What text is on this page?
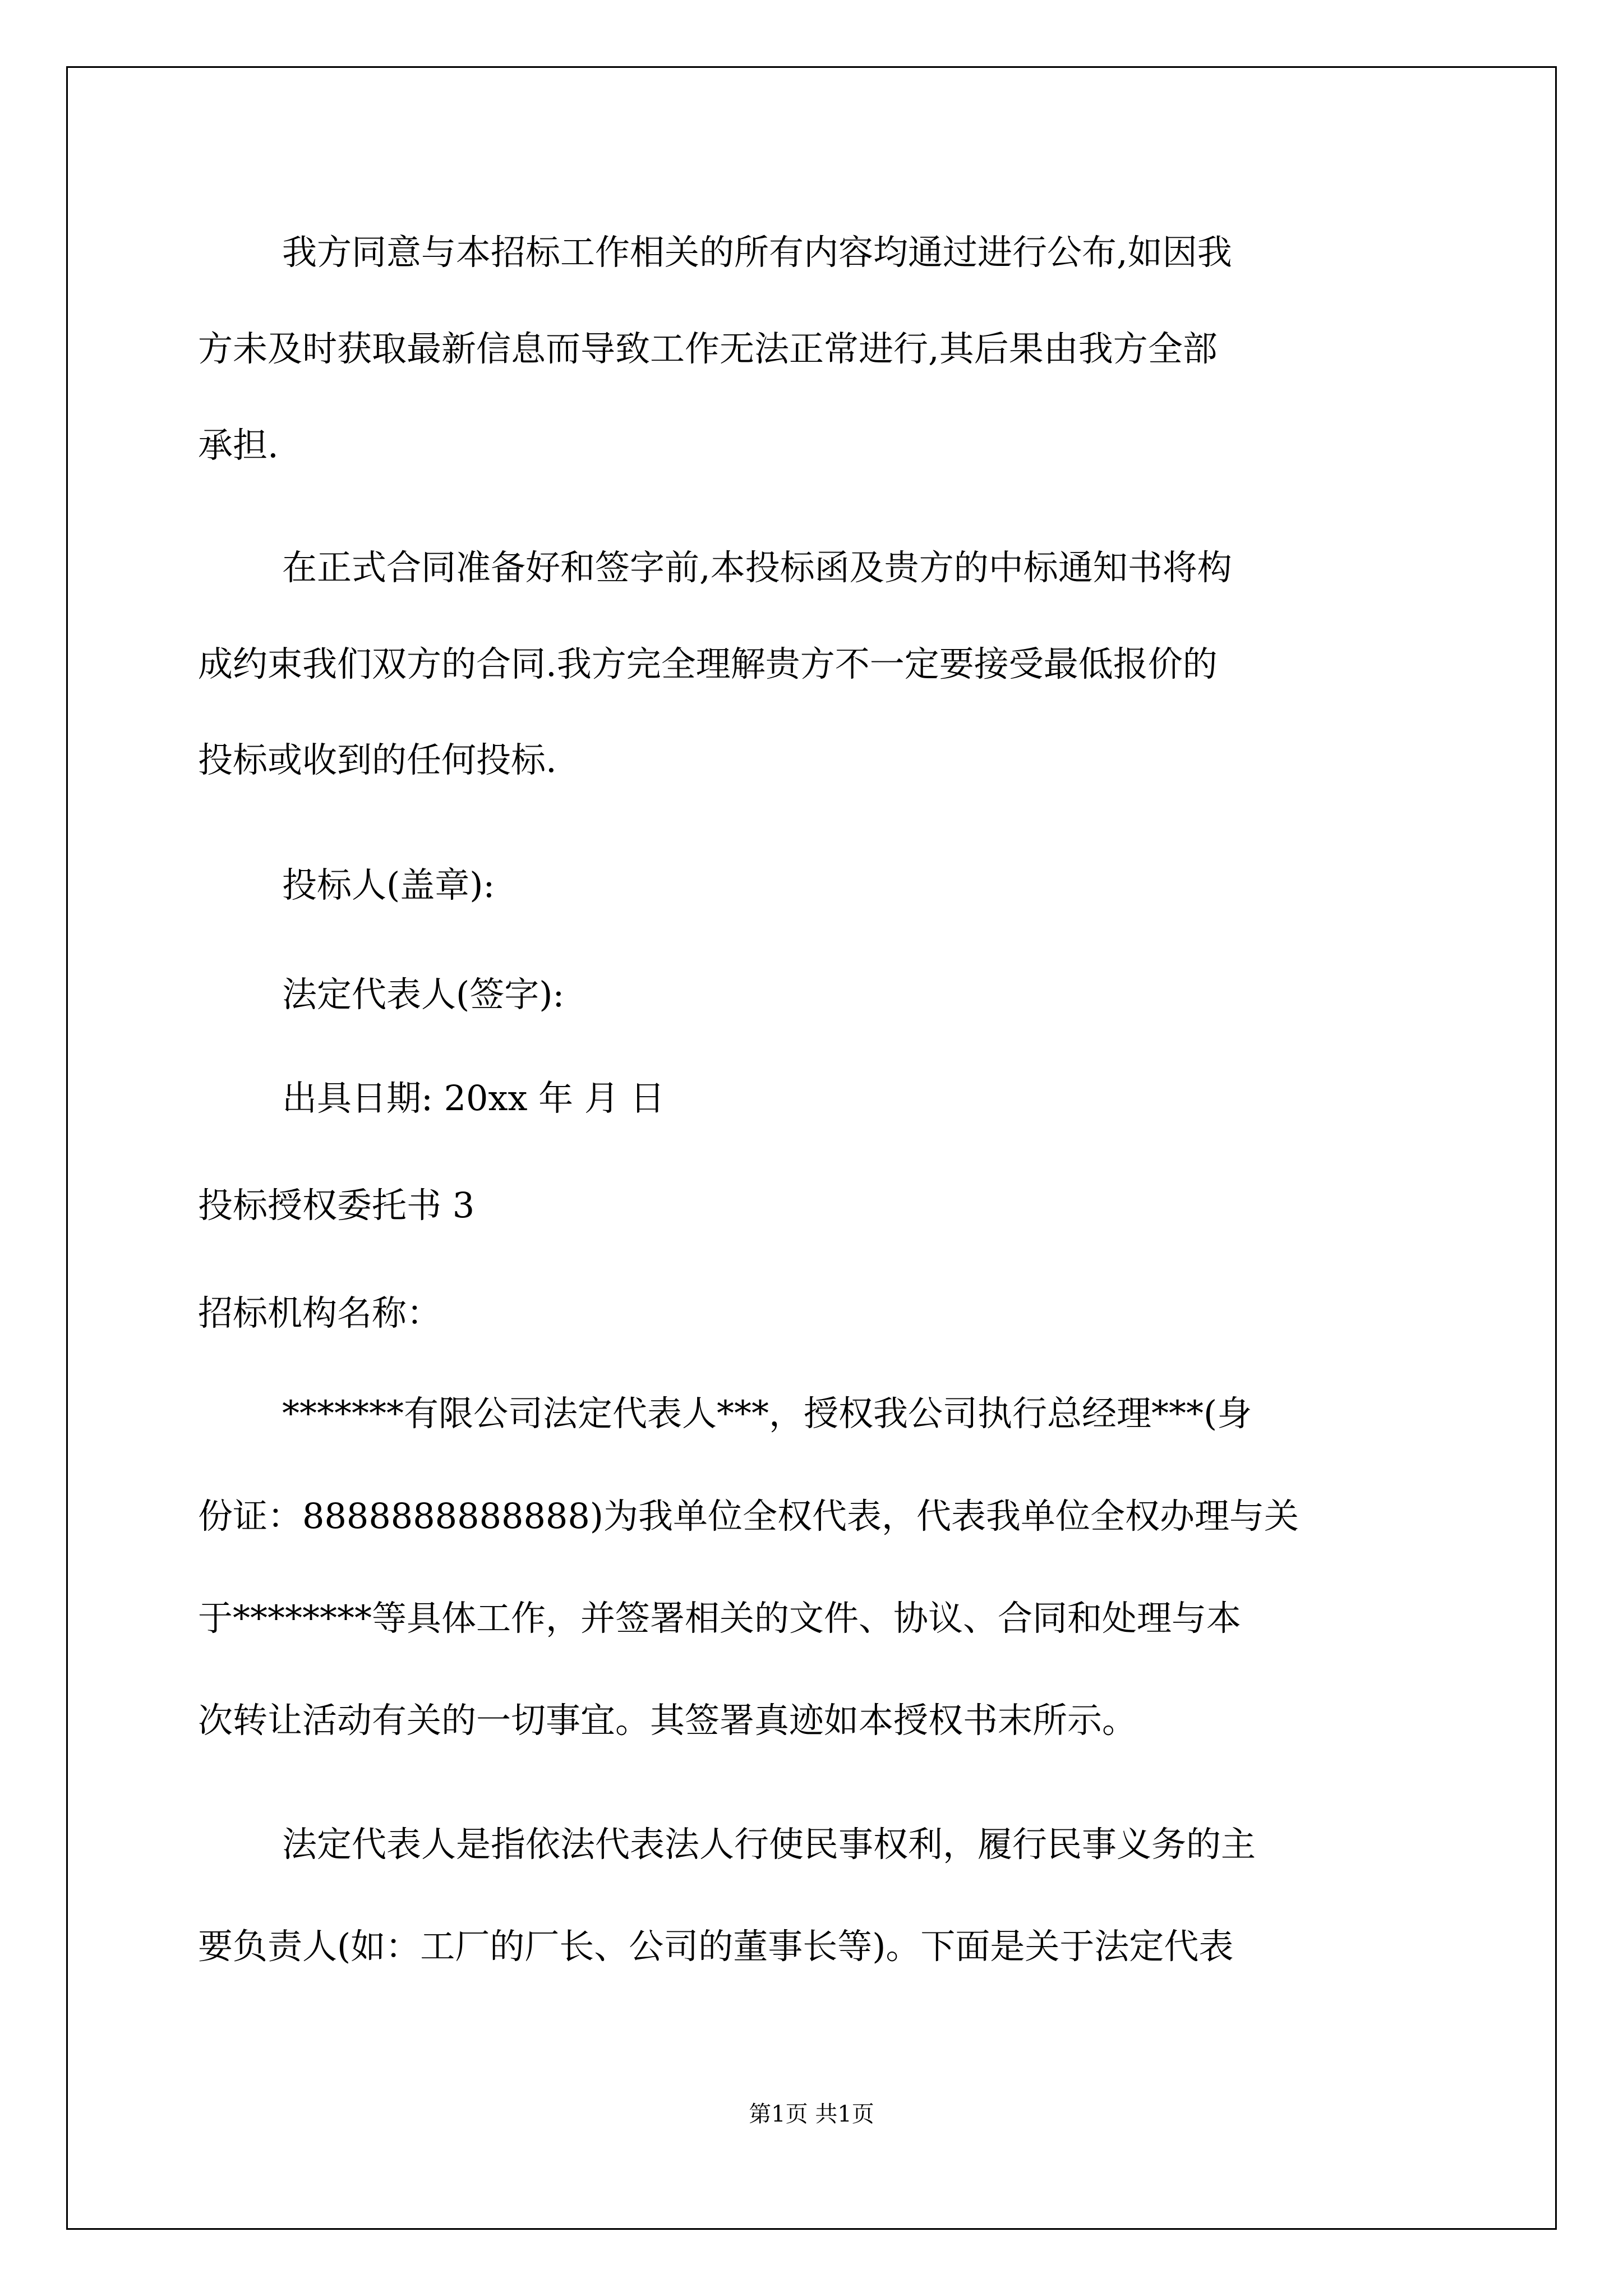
我方同意与本招标工作相关的所有内容均通过进行公布,如因我
方未及时获取最新信息而导致工作无法正常进行,其后果由我方全部
承担.
在正式合同准备好和签字前,本投标函及贵方的中标通知书将构
成约束我们双方的合同.我方完全理解贵方不一定要接受最低报价的
投标或收到的任何投标.
投标人(盖章):
法定代表人(签字):
出具日期: 20xx 年 月 日
投标授权委托书 3
招标机构名称：
*******有限公司法定代表人***，授权我公司执行总经理***(身
份证：8888888888888)为我单位全权代表，代表我单位全权办理与关
于********等具体工作，并签署相关的文件、协议、合同和处理与本
次转让活动有关的一切事宜。其签署真迹如本授权书末所示。
法定代表人是指依法代表法人行使民事权利，履行民事义务的主
要负责人(如：工厂的厂长、公司的董事长等)。下面是关于法定代表
第1页 共1页
